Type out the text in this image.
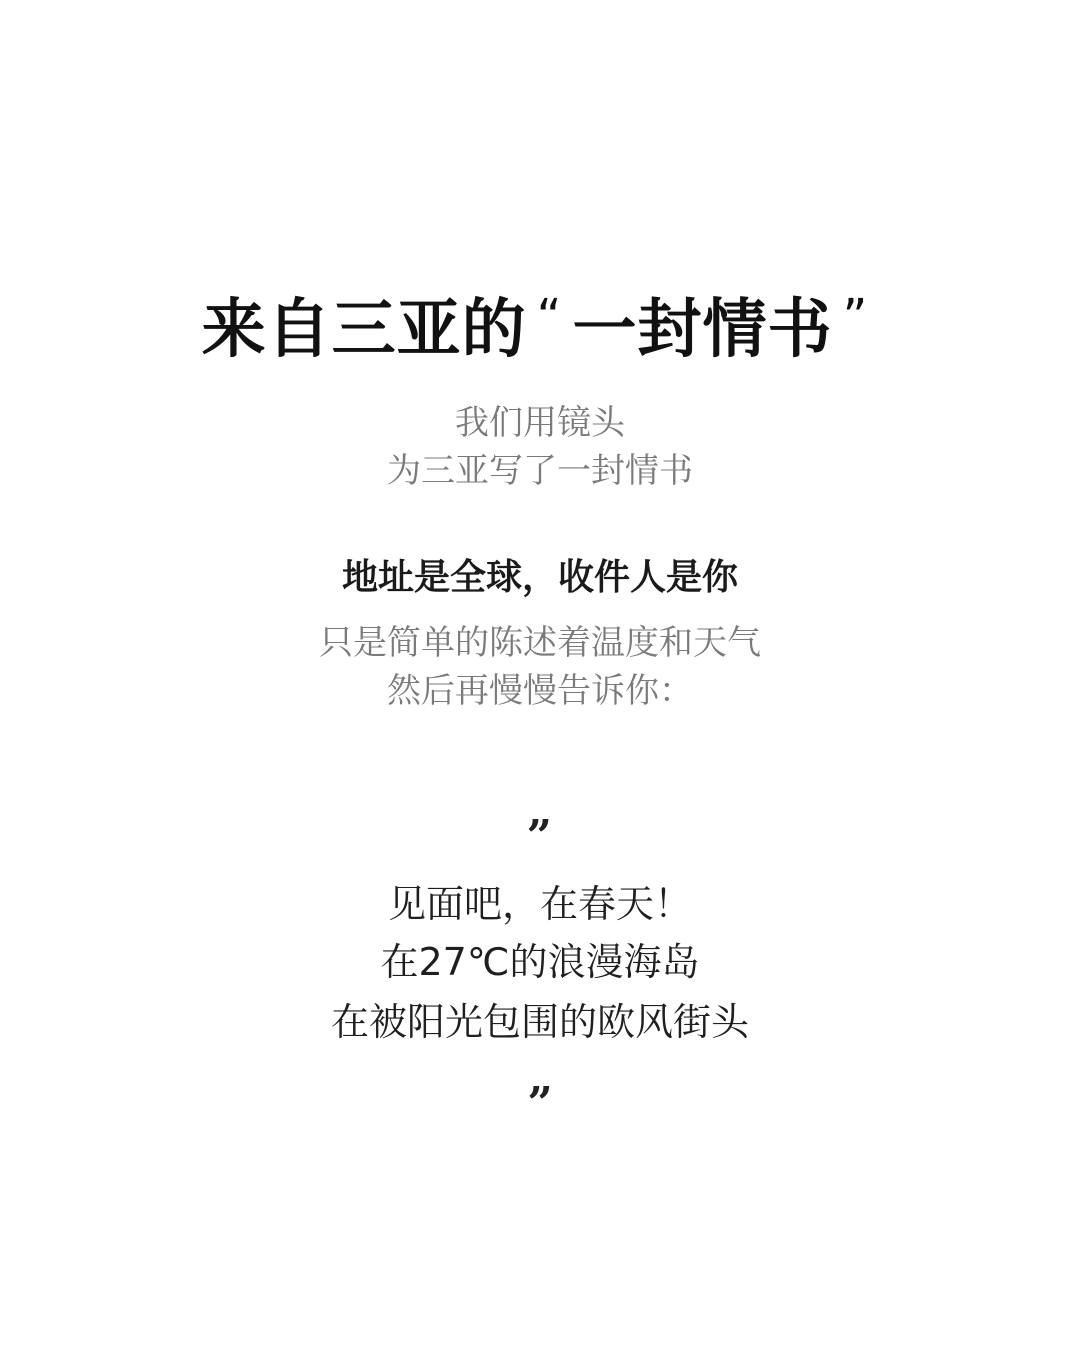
来自三亚的 “ 一封情书 ”

我们用镜头

为三亚写了一封情书

地址是全球，收件人是你

只是简单的陈述着温度和天气

然后再慢慢告诉你：

„

见面吧，在春天！

在27℃的浪漫海岛

在被阳光包围的欧风街头

”
